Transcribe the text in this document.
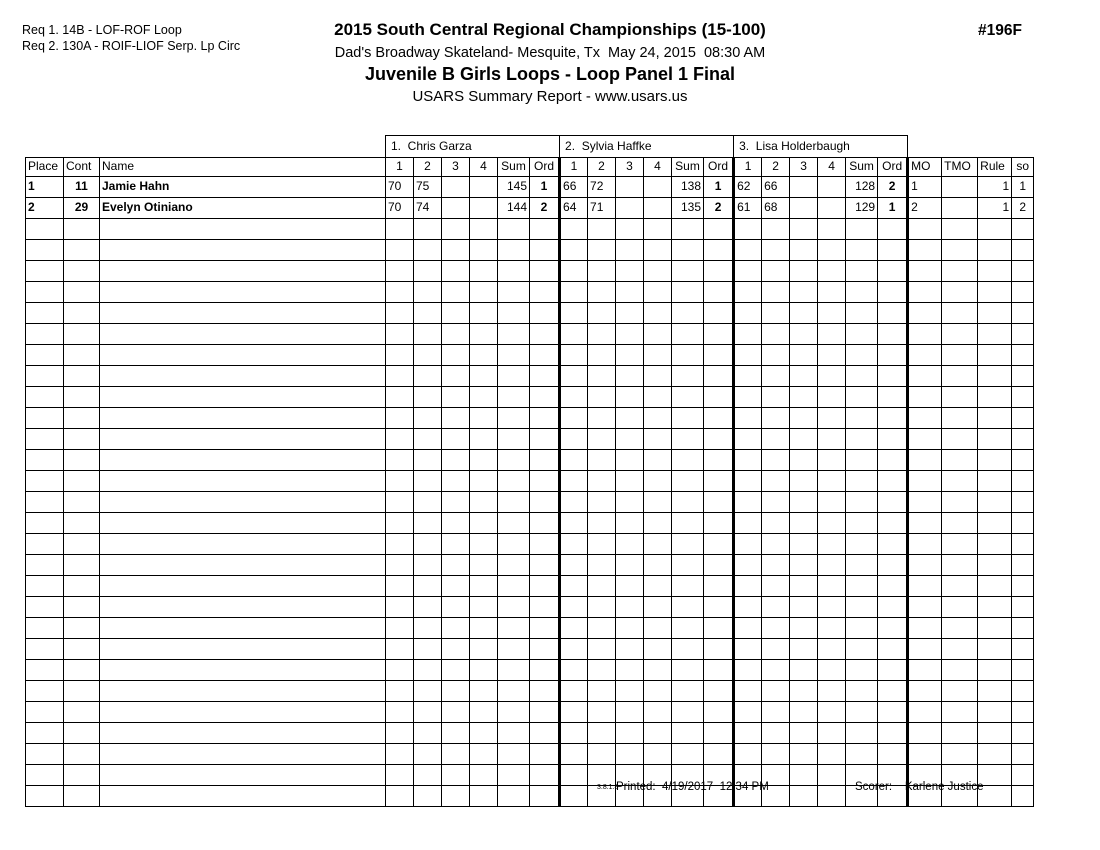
Req 1. 14B - LOF-ROF Loop
Req 2. 130A - ROIF-LIOF Serp. Lp Circ
2015 South Central Regional Championships (15-100)
Dad's Broadway Skateland- Mesquite, Tx  May 24, 2015  08:30 AM
Juvenile B Girls Loops - Loop Panel 1 Final
USARS Summary Report - www.usars.us
#196F
			1.  Chris Garza						2.  Sylvia Haffke						3.  Lisa Holderbaugh									
Place	Cont	Name	1	2	3	4	Sum	Ord	1	2	3	4	Sum	Ord	1	2	3	4	Sum	Ord	MO	TMO	Rule	so
1	11	Jamie Hahn	70	75			145	1	66	72			138	1	62	66			128	2	1		1	1
2	29	Evelyn Otiniano	70	74			144	2	64	71			135	2	61	68			129	1	2		1	2

3.8.1.8
Printed:  4/19/2017  12:34 PM	Scorer:    Karlene Justice
